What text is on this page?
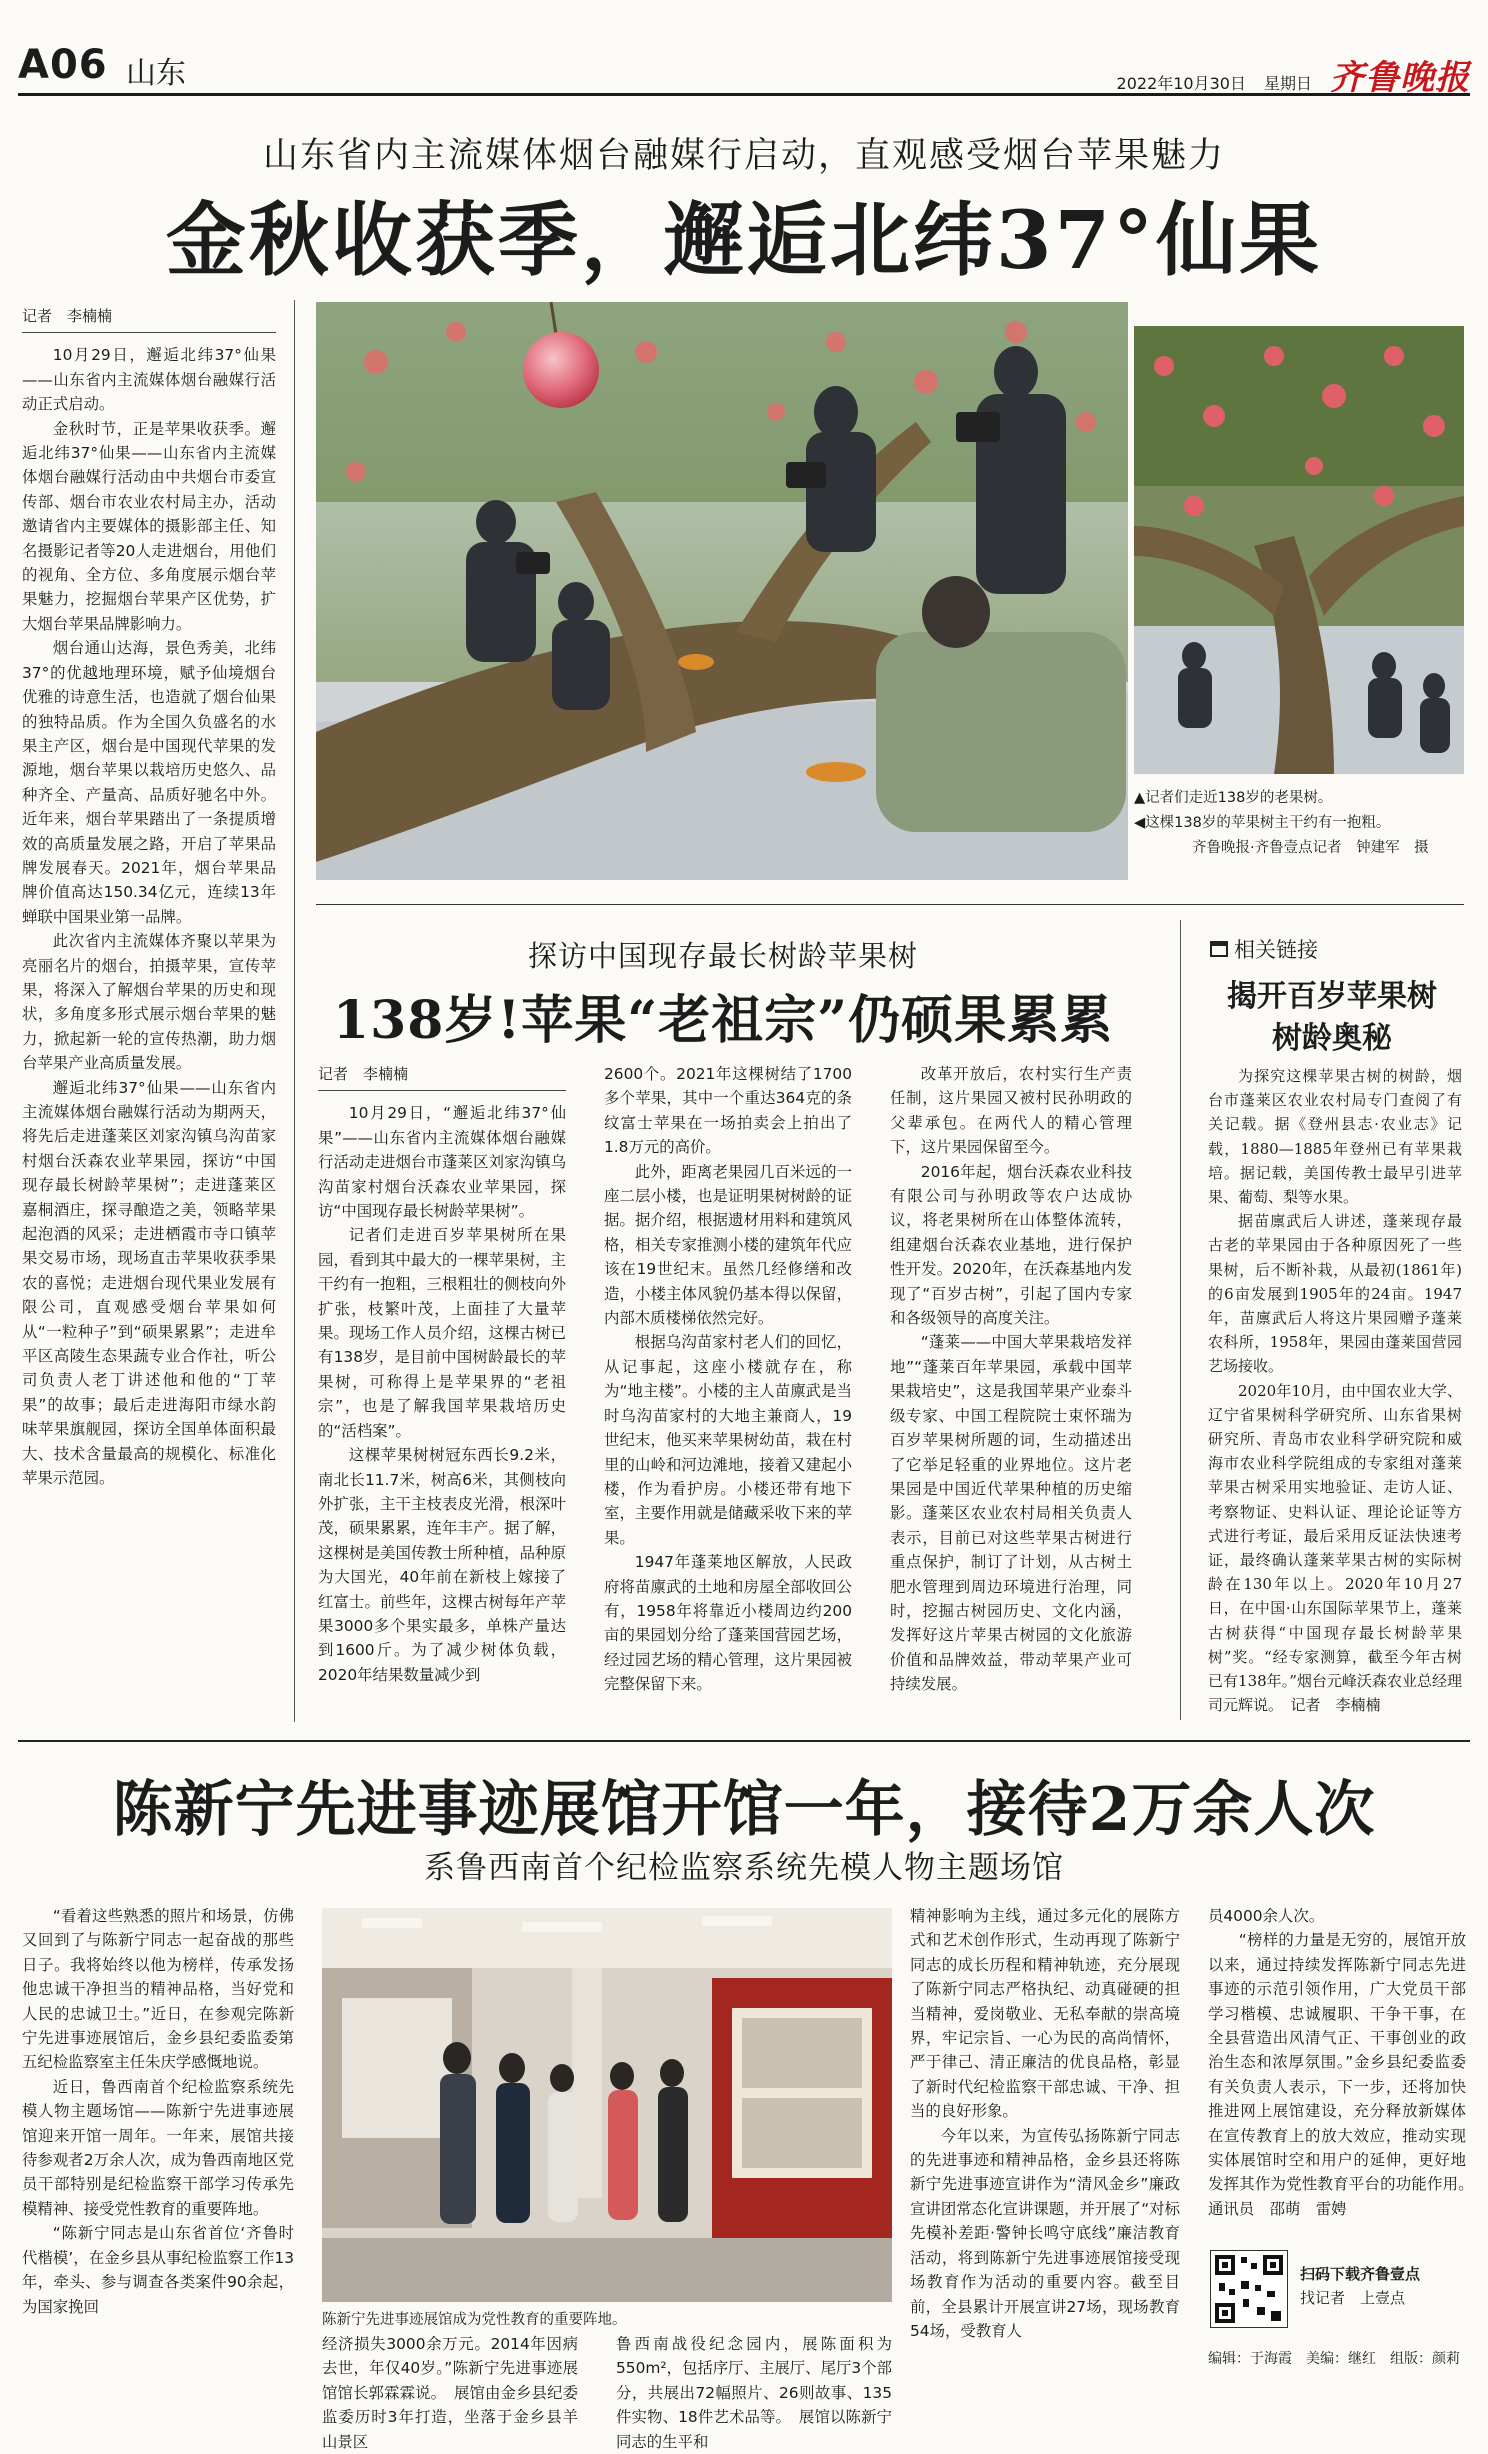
A06 山东	2022年10月30日 星期日 齐鲁晚报
山东省内主流媒体烟台融媒行启动，直观感受烟台苹果魅力
金秋收获季，邂逅北纬37°仙果
记者　李楠楠

10月29日，邂逅北纬37°仙果——山东省内主流媒体烟台融媒行活动正式启动。

金秋时节，正是苹果收获季。邂逅北纬37°仙果——山东省内主流媒体烟台融媒行活动由中共烟台市委宣传部、烟台市农业农村局主办，活动邀请省内主要媒体的摄影部主任、知名摄影记者等20人走进烟台，用他们的视角、全方位、多角度展示烟台苹果魅力，挖掘烟台苹果产区优势，扩大烟台苹果品牌影响力。

烟台通山达海，景色秀美，北纬37°的优越地理环境，赋予仙境烟台优雅的诗意生活，也造就了烟台仙果的独特品质。作为全国久负盛名的水果主产区，烟台是中国现代苹果的发源地，烟台苹果以栽培历史悠久、品种齐全、产量高、品质好驰名中外。近年来，烟台苹果踏出了一条提质增效的高质量发展之路，开启了苹果品牌发展春天。2021年，烟台苹果品牌价值高达150.34亿元，连续13年蝉联中国果业第一品牌。

此次省内主流媒体齐聚以苹果为亮丽名片的烟台，拍摄苹果，宣传苹果，将深入了解烟台苹果的历史和现状，多角度多形式展示烟台苹果的魅力，掀起新一轮的宣传热潮，助力烟台苹果产业高质量发展。

邂逅北纬37°仙果——山东省内主流媒体烟台融媒行活动为期两天，将先后走进蓬莱区刘家沟镇乌沟苗家村烟台沃森农业苹果园，探访“中国现存最长树龄苹果树”；走进蓬莱区嘉桐酒庄，探寻酿造之美，领略苹果起泡酒的风采；走进栖霞市寺口镇苹果交易市场，现场直击苹果收获季果农的喜悦；走进烟台现代果业发展有限公司，直观感受烟台苹果如何从“一粒种子”到“硕果累累”；走进牟平区高陵生态果蔬专业合作社，听公司负责人老丁讲述他和他的“丁苹果”的故事；最后走进海阳市绿水韵味苹果旗舰园，探访全国单体面积最大、技术含量最高的规模化、标准化苹果示范园。

▲记者们走近138岁的老果树。
◀这棵138岁的苹果树主干约有一抱粗。
齐鲁晚报·齐鲁壹点记者　钟建军　摄
探访中国现存最长树龄苹果树
138岁!苹果“老祖宗”仍硕果累累
记者　李楠楠

10月29日，“邂逅北纬37°仙果”——山东省内主流媒体烟台融媒行活动走进烟台市蓬莱区刘家沟镇乌沟苗家村烟台沃森农业苹果园，探访“中国现存最长树龄苹果树”。

记者们走进百岁苹果树所在果园，看到其中最大的一棵苹果树，主干约有一抱粗，三根粗壮的侧枝向外扩张，枝繁叶茂，上面挂了大量苹果。现场工作人员介绍，这棵古树已有138岁，是目前中国树龄最长的苹果树，可称得上是苹果界的“老祖宗”，也是了解我国苹果栽培历史的“活档案”。

这棵苹果树树冠东西长9.2米，南北长11.7米，树高6米，其侧枝向外扩张，主干主枝表皮光滑，根深叶茂，硕果累累，连年丰产。据了解，这棵树是美国传教士所种植，品种原为大国光，40年前在新枝上嫁接了红富士。前些年，这棵古树每年产苹果3000多个果实最多，单株产量达到1600斤。为了减少树体负载，2020年结果数量减少到

2600个。2021年这棵树结了1700多个苹果，其中一个重达364克的条纹富士苹果在一场拍卖会上拍出了1.8万元的高价。

此外，距离老果园几百米远的一座二层小楼，也是证明果树树龄的证据。据介绍，根据遗材用料和建筑风格，相关专家推测小楼的建筑年代应该在19世纪末。虽然几经修缮和改造，小楼主体风貌仍基本得以保留，内部木质楼梯依然完好。

根据乌沟苗家村老人们的回忆，从记事起，这座小楼就存在，称为“地主楼”。小楼的主人苗廪武是当时乌沟苗家村的大地主兼商人，19世纪末，他买来苹果树幼苗，栽在村里的山岭和河边滩地，接着又建起小楼，作为看护房。小楼还带有地下室，主要作用就是储藏采收下来的苹果。

1947年蓬莱地区解放，人民政府将苗廪武的土地和房屋全部收回公有，1958年将靠近小楼周边约200亩的果园划分给了蓬莱国营园艺场，经过园艺场的精心管理，这片果园被完整保留下来。

改革开放后，农村实行生产责任制，这片果园又被村民孙明政的父辈承包。在两代人的精心管理下，这片果园保留至今。

2016年起，烟台沃森农业科技有限公司与孙明政等农户达成协议，将老果树所在山体整体流转，组建烟台沃森农业基地，进行保护性开发。2020年，在沃森基地内发现了“百岁古树”，引起了国内专家和各级领导的高度关注。

“蓬莱——中国大苹果栽培发祥地”“蓬莱百年苹果园，承载中国苹果栽培史”，这是我国苹果产业泰斗级专家、中国工程院院士束怀瑞为百岁苹果树所题的词，生动描述出了它举足轻重的业界地位。这片老果园是中国近代苹果种植的历史缩影。蓬莱区农业农村局相关负责人表示，目前已对这些苹果古树进行重点保护，制订了计划，从古树土肥水管理到周边环境进行治理，同时，挖掘古树园历史、文化内涵，发挥好这片苹果古树园的文化旅游价值和品牌效益，带动苹果产业可持续发展。

相关链接
揭开百岁苹果树
树龄奥秘

为探究这棵苹果古树的树龄，烟台市蓬莱区农业农村局专门查阅了有关记载。据《登州县志·农业志》记载，1880—1885年登州已有苹果栽培。据记载，美国传教士最早引进苹果、葡萄、梨等水果。

据苗廪武后人讲述，蓬莱现存最古老的苹果园由于各种原因死了一些果树，后不断补栽，从最初(1861年)的6亩发展到1905年的24亩。1947年，苗廪武后人将这片果园赠予蓬莱农科所，1958年，果园由蓬莱国营园艺场接收。

2020年10月，由中国农业大学、辽宁省果树科学研究所、山东省果树研究所、青岛市农业科学研究院和威海市农业科学院组成的专家组对蓬莱苹果古树采用实地验证、走访人证、考察物证、史料认证、理论论证等方式进行考证，最后采用反证法快速考证，最终确认蓬莱苹果古树的实际树龄在130年以上。2020年10月27日，在中国·山东国际苹果节上，蓬莱古树获得“中国现存最长树龄苹果树”奖。“经专家测算，截至今年古树已有138年。”烟台元峰沃森农业总经理司元辉说。　记者　李楠楠

陈新宁先进事迹展馆开馆一年，接待2万余人次
系鲁西南首个纪检监察系统先模人物主题场馆

“看着这些熟悉的照片和场景，仿佛又回到了与陈新宁同志一起奋战的那些日子。我将始终以他为榜样，传承发扬他忠诚干净担当的精神品格，当好党和人民的忠诚卫士。”近日，在参观完陈新宁先进事迹展馆后，金乡县纪委监委第五纪检监察室主任朱庆学感慨地说。

近日，鲁西南首个纪检监察系统先模人物主题场馆——陈新宁先进事迹展馆迎来开馆一周年。一年来，展馆共接待参观者2万余人次，成为鲁西南地区党员干部特别是纪检监察干部学习传承先模精神、接受党性教育的重要阵地。

“陈新宁同志是山东省首位‘齐鲁时代楷模’，在金乡县从事纪检监察工作13年，牵头、参与调查各类案件90余起，为国家挽回

陈新宁先进事迹展馆成为党性教育的重要阵地。

经济损失3000余万元。2014年因病去世，年仅40岁。”陈新宁先进事迹展馆馆长郭霖霖说。　展馆由金乡县纪委监委历时3年打造，坐落于金乡县羊山景区

鲁西南战役纪念园内，展陈面积为550m²，包括序厅、主展厅、尾厅3个部分，共展出72幅照片、26则故事、135件实物、18件艺术品等。　展馆以陈新宁同志的生平和

精神影响为主线，通过多元化的展陈方式和艺术创作形式，生动再现了陈新宁同志的成长历程和精神轨迹，充分展现了陈新宁同志严格执纪、动真碰硬的担当精神，爱岗敬业、无私奉献的崇高境界，牢记宗旨、一心为民的高尚情怀，严于律己、清正廉洁的优良品格，彰显了新时代纪检监察干部忠诚、干净、担当的良好形象。

今年以来，为宣传弘扬陈新宁同志的先进事迹和精神品格，金乡县还将陈新宁先进事迹宣讲作为“清风金乡”廉政宣讲团常态化宣讲课题，并开展了“对标先模补差距·警钟长鸣守底线”廉洁教育活动，将到陈新宁先进事迹展馆接受现场教育作为活动的重要内容。截至目前，全县累计开展宣讲27场，现场教育54场，受教育人

员4000余人次。

“榜样的力量是无穷的，展馆开放以来，通过持续发挥陈新宁同志先进事迹的示范引领作用，广大党员干部学习楷模、忠诚履职、干争干事，在全县营造出风清气正、干事创业的政治生态和浓厚氛围。”金乡县纪委监委有关负责人表示，下一步，还将加快推进网上展馆建设，充分释放新媒体在宣传教育上的放大效应，推动实现实体展馆时空和用户的延伸，更好地发挥其作为党性教育平台的功能作用。　通讯员　邵萌　雷娉

扫码下载齐鲁壹点
找记者　上壹点
编辑：于海霞　美编：继红　组版：颜莉
